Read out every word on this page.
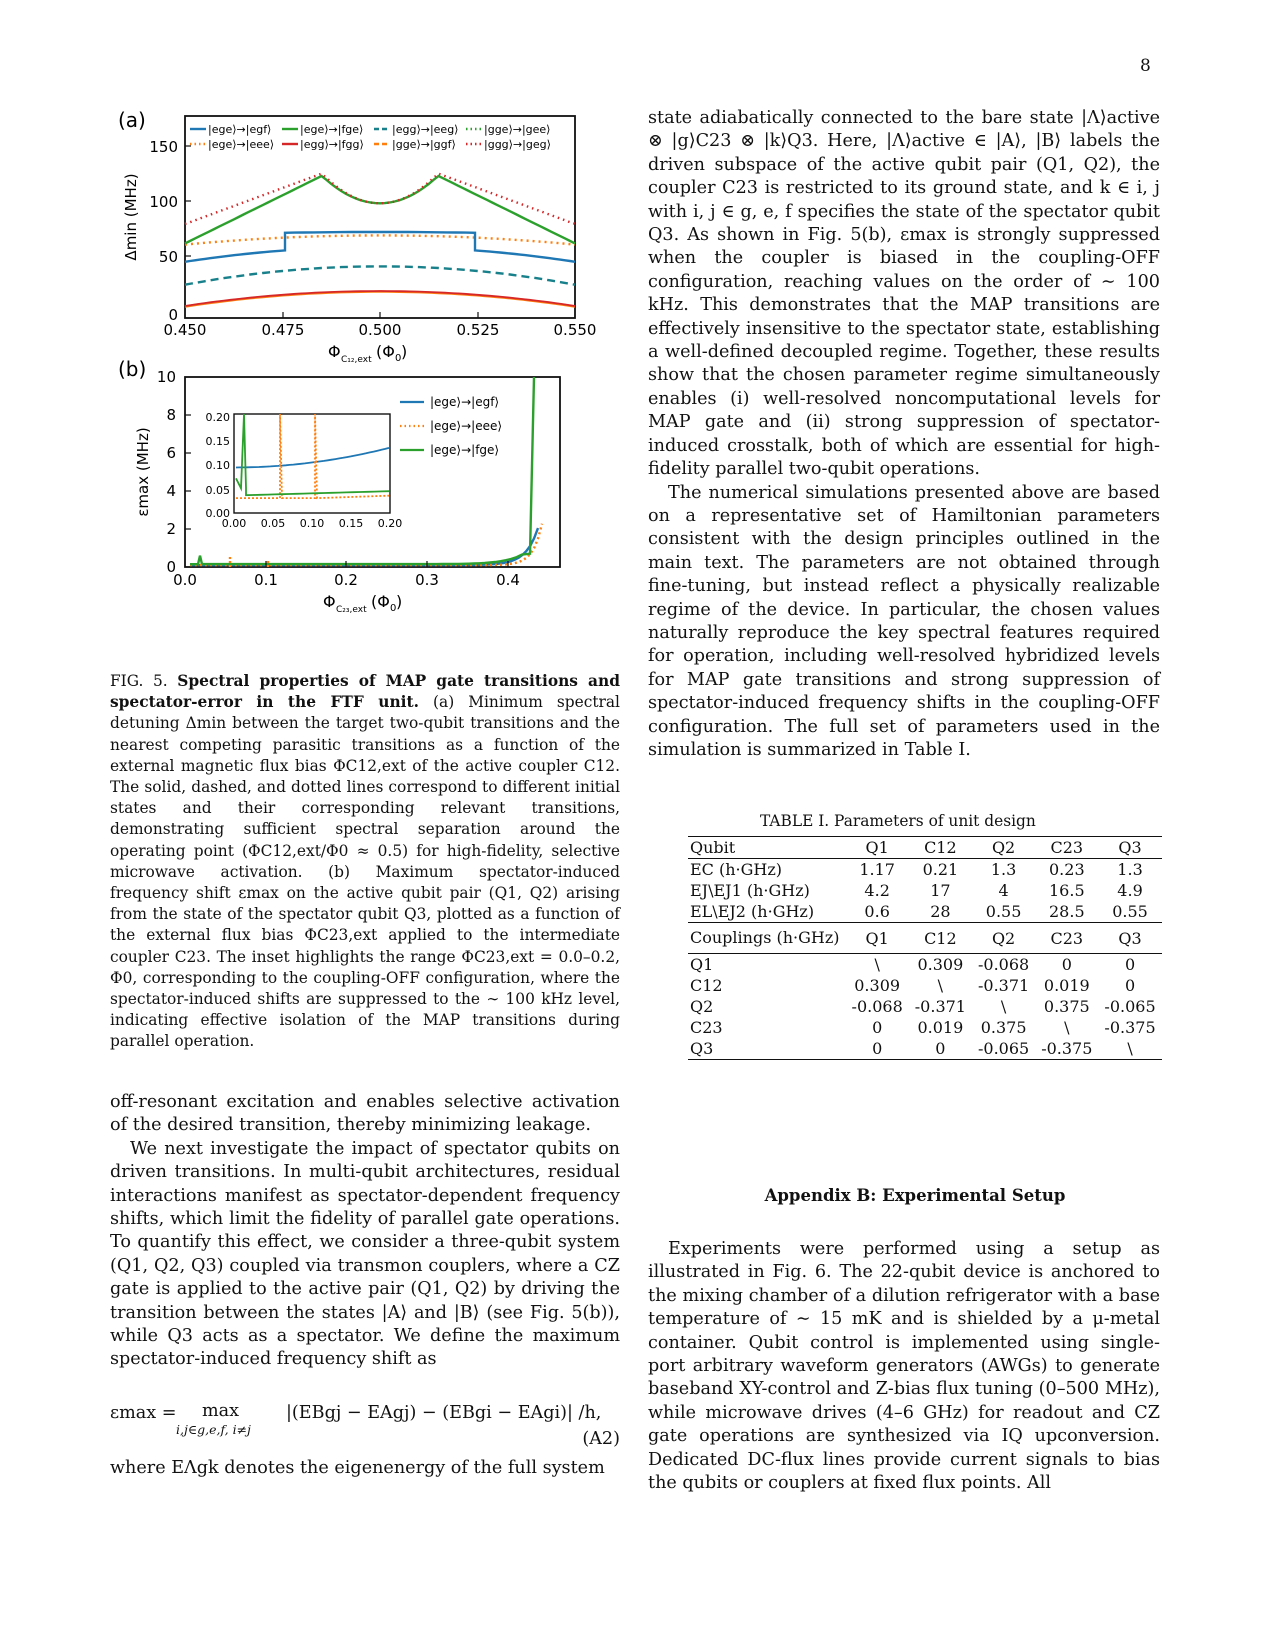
8
(a)
(b)
|ege⟩→|egf⟩	|ege⟩→|fge⟩	|egg⟩→|eeg⟩ |gge⟩→|gee⟩
|ege⟩→|eee⟩ |egg⟩→|fgg⟩	|gge⟩→|ggf⟩	|ggg⟩→|geg⟩
0
50
100
150
0.450	0.475	0.500	0.525	0.550
Δmin (MHz)
Φ C₁₂,ext (Φ 0 )
0
2
4
6
8
10
0.0	0.1	0.2	0.3	0.4
εmax (MHz)
Φ C₂₃,ext (Φ 0 )
|ege⟩→|egf⟩
|ege⟩→|eee⟩
|ege⟩→|fge⟩
0.00
0.05
0.10
0.15
0.20
0.00 0.05 0.10 0.15 0.20
FIG. 5. Spectral properties of MAP gate transitions and spectator-error in the FTF unit. (a) Minimum spectral detuning Δmin between the target two-qubit transitions and the nearest competing parasitic transitions as a function of the external magnetic flux bias ΦC12,ext of the active coupler C12. The solid, dashed, and dotted lines correspond to different initial states and their corresponding relevant transitions, demonstrating sufficient spectral separation around the operating point (ΦC12,ext/Φ0 ≈ 0.5) for high-fidelity, selective microwave activation. (b) Maximum spectator-induced frequency shift εmax on the active qubit pair (Q1, Q2) arising from the state of the spectator qubit Q3, plotted as a function of the external flux bias ΦC23,ext applied to the intermediate coupler C23. The inset highlights the range ΦC23,ext = 0.0–0.2, Φ0, corresponding to the coupling-OFF configuration, where the spectator-induced shifts are suppressed to the ∼ 100 kHz level, indicating effective isolation of the MAP transitions during parallel operation.

off-resonant excitation and enables selective activation of the desired transition, thereby minimizing leakage.

We next investigate the impact of spectator qubits on driven transitions. In multi-qubit architectures, residual interactions manifest as spectator-dependent frequency shifts, which limit the fidelity of parallel gate operations. To quantify this effect, we consider a three-qubit system (Q1, Q2, Q3) coupled via transmon couplers, where a CZ gate is applied to the active pair (Q1, Q2) by driving the transition between the states |A⟩ and |B⟩ (see Fig. 5(b)), while Q3 acts as a spectator. We define the maximum spectator-induced frequency shift as

εmax = max
i,j∈g,e,f, i≠j
|(EBgj − EAgj) − (EBgi − EAgi)| /h,
(A2)

where EΛgk denotes the eigenenergy of the full system

state adiabatically connected to the bare state |Λ⟩active ⊗ |g⟩C23 ⊗ |k⟩Q3. Here, |Λ⟩active ∈ |A⟩, |B⟩ labels the driven subspace of the active qubit pair (Q1, Q2), the coupler C23 is restricted to its ground state, and k ∈ i, j with i, j ∈ g, e, f specifies the state of the spectator qubit Q3. As shown in Fig. 5(b), εmax is strongly suppressed when the coupler is biased in the coupling-OFF configuration, reaching values on the order of ∼ 100 kHz. This demonstrates that the MAP transitions are effectively insensitive to the spectator state, establishing a well-defined decoupled regime. Together, these results show that the chosen parameter regime simultaneously enables (i) well-resolved noncomputational levels for MAP gate and (ii) strong suppression of spectator-induced crosstalk, both of which are essential for high-fidelity parallel two-qubit operations.

The numerical simulations presented above are based on a representative set of Hamiltonian parameters consistent with the design principles outlined in the main text. The parameters are not obtained through fine-tuning, but instead reflect a physically realizable regime of the device. In particular, the chosen values naturally reproduce the key spectral features required for operation, including well-resolved hybridized levels for MAP gate transitions and strong suppression of spectator-induced frequency shifts in the coupling-OFF configuration. The full set of parameters used in the simulation is summarized in Table I.

TABLE I. Parameters of unit design
Qubit	Q1	C12	Q2	C23	Q3
EC (h·GHz)	1.17	0.21	1.3	0.23	1.3
EJ\EJ1 (h·GHz)	4.2	17	4	16.5	4.9
EL\EJ2 (h·GHz)	0.6	28	0.55	28.5	0.55
Couplings (h·GHz)	Q1	C12	Q2	C23	Q3
Q1	\	0.309	-0.068	0	0
C12	0.309	\	-0.371	0.019	0
Q2	-0.068	-0.371	\	0.375	-0.065
C23	0	0.019	0.375	\	-0.375
Q3	0	0	-0.065	-0.375	\
Appendix B: Experimental Setup

Experiments were performed using a setup as illustrated in Fig. 6. The 22-qubit device is anchored to the mixing chamber of a dilution refrigerator with a base temperature of ∼ 15 mK and is shielded by a μ-metal container. Qubit control is implemented using single-port arbitrary waveform generators (AWGs) to generate baseband XY-control and Z-bias flux tuning (0–500 MHz), while microwave drives (4–6 GHz) for readout and CZ gate operations are synthesized via IQ upconversion. Dedicated DC-flux lines provide current signals to bias the qubits or couplers at fixed flux points. All
